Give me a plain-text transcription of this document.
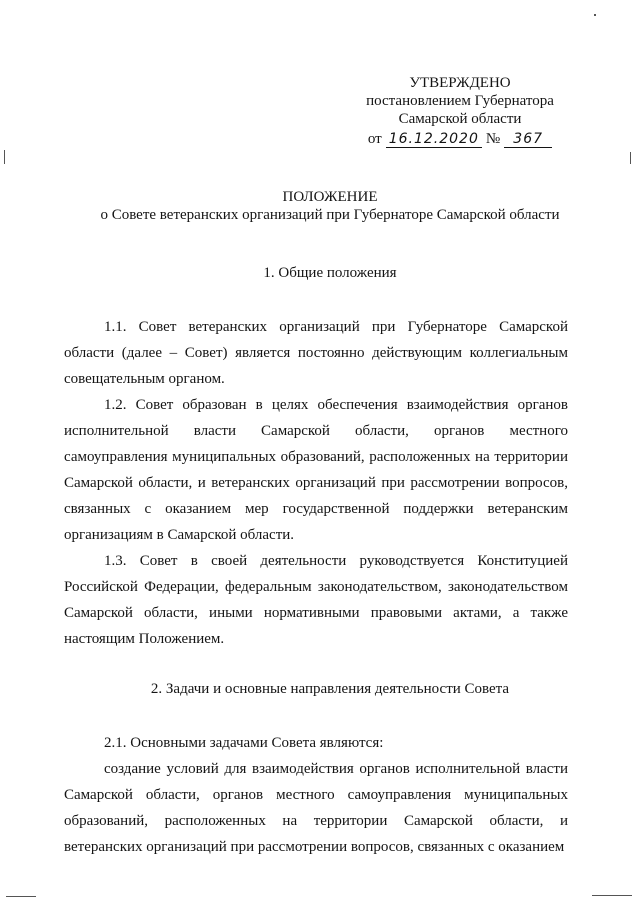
УТВЕРЖДЕНО
постановлением Губернатора
Самарской области
от 16.12.2020 № 367
ПОЛОЖЕНИЕ
о Совете ветеранских организаций при Губернаторе Самарской области
1. Общие положения
1.1. Совет ветеранских организаций при Губернаторе Самарской области (далее – Совет) является постоянно действующим коллегиальным совещательным органом.
1.2. Совет образован в целях обеспечения взаимодействия органов исполнительной власти Самарской области, органов местного самоуправления муниципальных образований, расположенных на территории Самарской области, и ветеранских организаций при рассмотрении вопросов, связанных с оказанием мер государственной поддержки ветеранским организациям в Самарской области.
1.3. Совет в своей деятельности руководствуется Конституцией Российской Федерации, федеральным законодательством, законодательством Самарской области, иными нормативными правовыми актами, а также настоящим Положением.
2. Задачи и основные направления деятельности Совета
2.1. Основными задачами Совета являются:
создание условий для взаимодействия органов исполнительной власти Самарской области, органов местного самоуправления муниципальных образований, расположенных на территории Самарской области, и ветеранских организаций при рассмотрении вопросов, связанных с оказанием
